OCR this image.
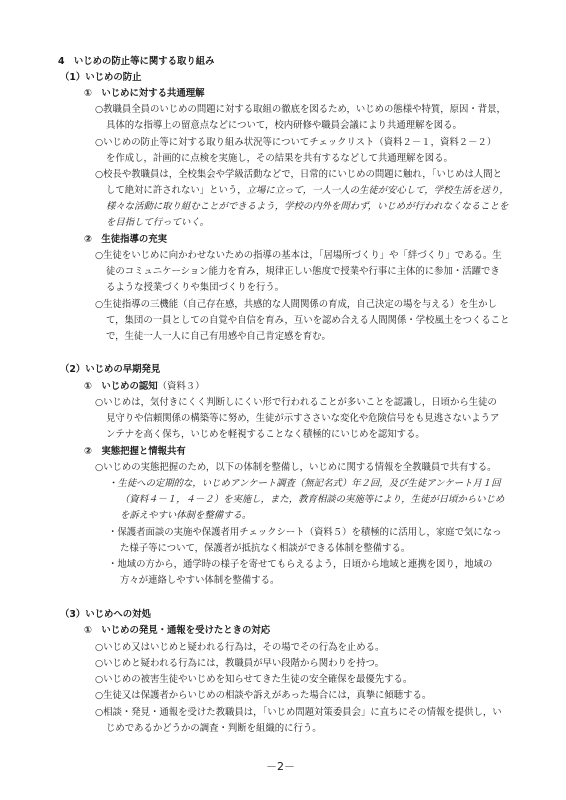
4　いじめの防止等に関する取り組み
（1）いじめの防止
①　いじめに対する共通理解
○教職員全員のいじめの問題に対する取組の徹底を図るため，いじめの態様や特質，原因・背景，
具体的な指導上の留意点などについて，校内研修や職員会議により共通理解を図る。
○いじめの防止等に対する取り組み状況等についてチェックリスト（資料２－１，資料２－２）
を作成し，計画的に点検を実施し，その結果を共有するなどして共通理解を図る。
○校長や教職員は，全校集会や学級活動などで，日常的にいじめの問題に触れ，「いじめは人間と
して絶対に許されない」という，立場に立って，一人一人の生徒が安心して，学校生活を送り，
様々な活動に取り組むことができるよう，学校の内外を問わず，いじめが行われなくなることを
を目指して行っていく。
②　生徒指導の充実
○生徒をいじめに向かわせないための指導の基本は，「居場所づくり」や「絆づくり」である。生
徒のコミュニケーション能力を育み，規律正しい態度で授業や行事に主体的に参加・活躍でき
るような授業づくりや集団づくりを行う。
○生徒指導の三機能（自己存在感，共感的な人間関係の育成，自己決定の場を与える）を生かし
て，集団の一員としての自覚や自信を育み，互いを認め合える人間関係・学校風土をつくること
で，生徒一人一人に自己有用感や自己肯定感を育む。
（2）いじめの早期発見
①　いじめの認知（資料３）
○いじめは，気付きにくく判断しにくい形で行われることが多いことを認識し，日頃から生徒の
見守りや信頼関係の構築等に努め，生徒が示すささいな変化や危険信号をも見逃さないようア
ンテナを高く保ち，いじめを軽視することなく積極的にいじめを認知する。
②　実態把握と情報共有
○いじめの実態把握のため，以下の体制を整備し，いじめに関する情報を全教職員で共有する。
・生徒への定期的な，いじめアンケート調査（無記名式）年２回，及び生徒アンケート月１回
（資料４－１，４－２）を実施し，また，教育相談の実施等により，生徒が日頃からいじめ
を訴えやすい体制を整備する。
・保護者面談の実施や保護者用チェックシート（資料５）を積極的に活用し，家庭で気になっ
た様子等について，保護者が抵抗なく相談ができる体制を整備する。
・地域の方から，通学時の様子を寄せてもらえるよう，日頃から地域と連携を図り，地域の
方々が連絡しやすい体制を整備する。
（3）いじめへの対処
①　いじめの発見・通報を受けたときの対応
○いじめ又はいじめと疑われる行為は，その場でその行為を止める。
○いじめと疑われる行為には，教職員が早い段階から関わりを持つ。
○いじめの被害生徒やいじめを知らせてきた生徒の安全確保を最優先する。
○生徒又は保護者からいじめの相談や訴えがあった場合には，真摯に傾聴する。
○相談・発見・通報を受けた教職員は，「いじめ問題対策委員会」に直ちにその情報を提供し，い
じめであるかどうかの調査・判断を組織的に行う。
－2－
